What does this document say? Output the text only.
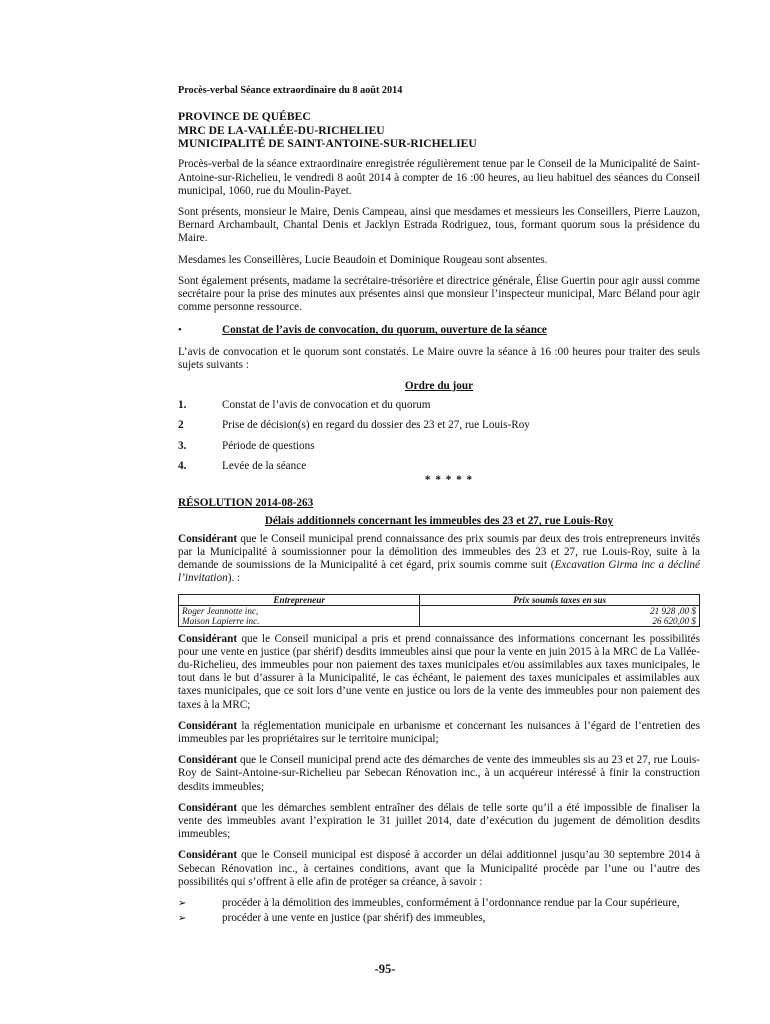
Procès-verbal Séance extraordinaire du 8 août 2014
PROVINCE DE QUÉBEC
MRC DE LA-VALLÉE-DU-RICHELIEU
MUNICIPALITÉ DE SAINT-ANTOINE-SUR-RICHELIEU

Procès-verbal de la séance extraordinaire enregistrée régulièrement tenue par le Conseil de la Municipalité de Saint-Antoine-sur-Richelieu, le vendredi 8 août 2014 à compter de 16 :00 heures, au lieu habituel des séances du Conseil municipal, 1060, rue du Moulin-Payet.

Sont présents, monsieur le Maire, Denis Campeau, ainsi que mesdames et messieurs les Conseillers, Pierre Lauzon, Bernard Archambault, Chantal Denis et Jacklyn Estrada Rodriguez, tous, formant quorum sous la présidence du Maire.

Mesdames les Conseillères, Lucie Beaudoin et Dominique Rougeau sont absentes.

Sont également présents, madame la secrétaire-trésorière et directrice générale, Élise Guertin pour agir aussi comme secrétaire pour la prise des minutes aux présentes ainsi que monsieur l’inspecteur municipal, Marc Béland pour agir comme personne ressource.

•	Constat de l’avis de convocation, du quorum, ouverture de la séance

L’avis de convocation et le quorum sont constatés. Le Maire ouvre la séance à 16 :00 heures pour traiter des seuls sujets suivants :

Ordre du jour
1.	Constat de l’avis de convocation et du quorum
2	Prise de décision(s) en regard du dossier des 23 et 27, rue Louis-Roy
3.	Période de questions
4.	Levée de la séance
* * * * *
RÉSOLUTION 2014-08-263
Délais additionnels concernant les immeubles des 23 et 27, rue Louis-Roy

Considérant que le Conseil municipal prend connaissance des prix soumis par deux des trois entrepreneurs invités par la Municipalité à soumissionner pour la démolition des immeubles des 23 et 27, rue Louis-Roy, suite à la demande de soumissions de la Municipalité à cet égard, prix soumis comme suit (Excavation Girma inc a décliné l’invitation). :

Entrepreneur	Prix soumis taxes en sus
Roger Jeannotte inc,	21 928 ,00 $
Maison Lapierre inc.	26 620,00 $

Considérant que le Conseil municipal a pris et prend connaissance des informations concernant les possibilités pour une vente en justice (par shérif) desdits immeubles ainsi que pour la vente en juin 2015 à la MRC de La Vallée-du-Richelieu, des immeubles pour non paiement des taxes municipales et/ou assimilables aux taxes municipales, le tout dans le but d’assurer à la Municipalité, le cas échéant, le paiement des taxes municipales et assimilables aux taxes municipales, que ce soit lors d’une vente en justice ou lors de la vente des immeubles pour non paiement des taxes à la MRC;

Considérant la réglementation municipale en urbanisme et concernant les nuisances à l’égard de l’entretien des immeubles par les propriétaires sur le territoire municipal;

Considérant que le Conseil municipal prend acte des démarches de vente des immeubles sis au 23 et 27, rue Louis-Roy de Saint-Antoine-sur-Richelieu par Sebecan Rénovation inc., à un acquéreur intéressé à finir la construction desdits immeubles;

Considérant que les démarches semblent entraîner des délais de telle sorte qu’il a été impossible de finaliser la vente des immeubles avant l’expiration le 31 juillet 2014, date d’exécution du jugement de démolition desdits immeubles;

Considérant que le Conseil municipal est disposé à accorder un délai additionnel jusqu’au 30 septembre 2014 à Sebecan Rénovation inc., à certaines conditions, avant que la Municipalité procède par l’une ou l’autre des possibilités qui s’offrent à elle afin de protéger sa créance, à savoir :

➢	procéder à la démolition des immeubles, conformément à l’ordonnance rendue par la Cour supérieure,
➢	procéder à une vente en justice (par shérif) des immeubles,
-95-
